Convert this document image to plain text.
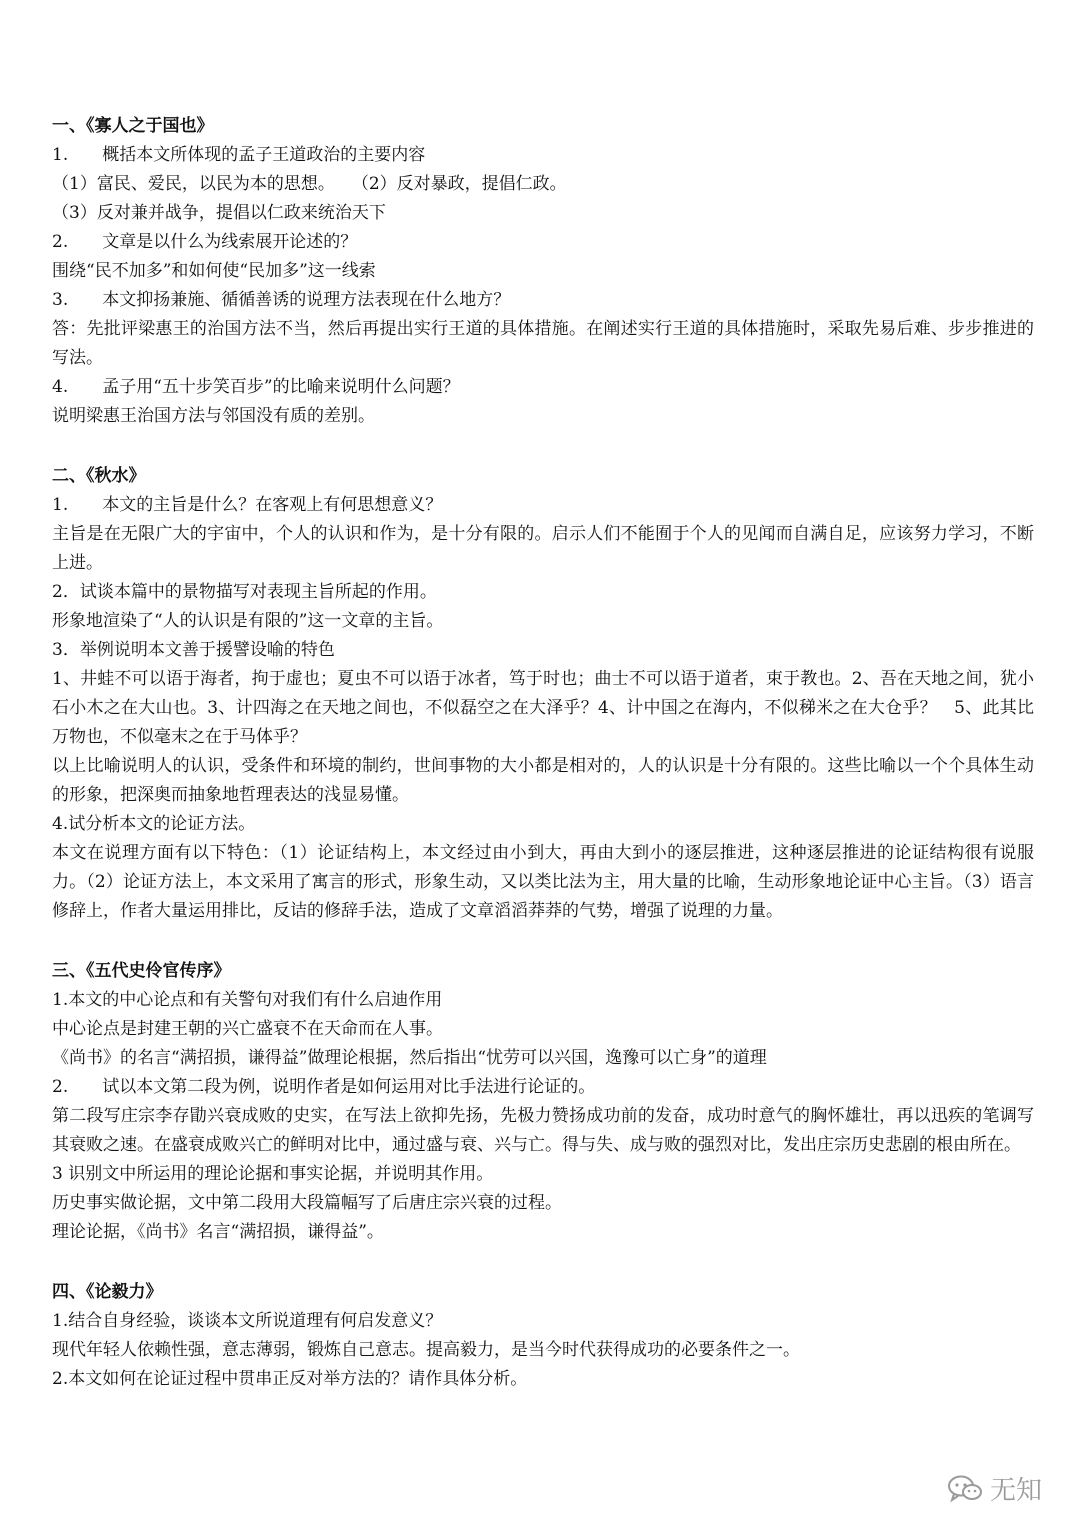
一、《寡人之于国也》
1.　　概括本文所体现的孟子王道政治的主要内容
（1）富民、爱民，以民为本的思想。　　（2）反对暴政，提倡仁政。
（3）反对兼并战争，提倡以仁政来统治天下
2.　　文章是以什么为线索展开论述的？
围绕“民不加多”和如何使“民加多”这一线索
3.　　本文抑扬兼施、循循善诱的说理方法表现在什么地方？
答：先批评梁惠王的治国方法不当，然后再提出实行王道的具体措施。在阐述实行王道的具体措施时，采取先易后难、步步推进的写法。
4.　　孟子用“五十步笑百步”的比喻来说明什么问题？
说明梁惠王治国方法与邻国没有质的差别。
二、《秋水》
1.　　本文的主旨是什么？在客观上有何思想意义？
主旨是在无限广大的宇宙中，个人的认识和作为，是十分有限的。启示人们不能囿于个人的见闻而自满自足，应该努力学习，不断上进。
2．试谈本篇中的景物描写对表现主旨所起的作用。
形象地渲染了“人的认识是有限的”这一文章的主旨。
3．举例说明本文善于援譬设喻的特色
1、井蛙不可以语于海者，拘于虚也；夏虫不可以语于冰者，笃于时也；曲士不可以语于道者，束于教也。2、吾在天地之间，犹小石小木之在大山也。3、计四海之在天地之间也，不似磊空之在大泽乎？4、计中国之在海内，不似稊米之在大仓乎？　5、此其比万物也，不似毫末之在于马体乎？
以上比喻说明人的认识，受条件和环境的制约，世间事物的大小都是相对的，人的认识是十分有限的。这些比喻以一个个具体生动的形象，把深奥而抽象地哲理表达的浅显易懂。
4.试分析本文的论证方法。
本文在说理方面有以下特色：（1）论证结构上，本文经过由小到大，再由大到小的逐层推进，这种逐层推进的论证结构很有说服力。（2）论证方法上，本文采用了寓言的形式，形象生动，又以类比法为主，用大量的比喻，生动形象地论证中心主旨。（3）语言修辞上，作者大量运用排比，反诘的修辞手法，造成了文章滔滔莽莽的气势，增强了说理的力量。
三、《五代史伶官传序》
1.本文的中心论点和有关警句对我们有什么启迪作用
中心论点是封建王朝的兴亡盛衰不在天命而在人事。
《尚书》的名言“满招损，谦得益”做理论根据，然后指出“忧劳可以兴国，逸豫可以亡身”的道理
2.　　试以本文第二段为例，说明作者是如何运用对比手法进行论证的。
第二段写庄宗李存勖兴衰成败的史实，在写法上欲抑先扬，先极力赞扬成功前的发奋，成功时意气的胸怀雄壮，再以迅疾的笔调写其衰败之速。在盛衰成败兴亡的鲜明对比中，通过盛与衰、兴与亡。得与失、成与败的强烈对比，发出庄宗历史悲剧的根由所在。
3 识别文中所运用的理论论据和事实论据，并说明其作用。
历史事实做论据，文中第二段用大段篇幅写了后唐庄宗兴衰的过程。
理论论据，《尚书》名言“满招损，谦得益”。
四、《论毅力》
1.结合自身经验，谈谈本文所说道理有何启发意义？
现代年轻人依赖性强，意志薄弱，锻炼自己意志。提高毅力，是当今时代获得成功的必要条件之一。
2.本文如何在论证过程中贯串正反对举方法的？请作具体分析。
无知
